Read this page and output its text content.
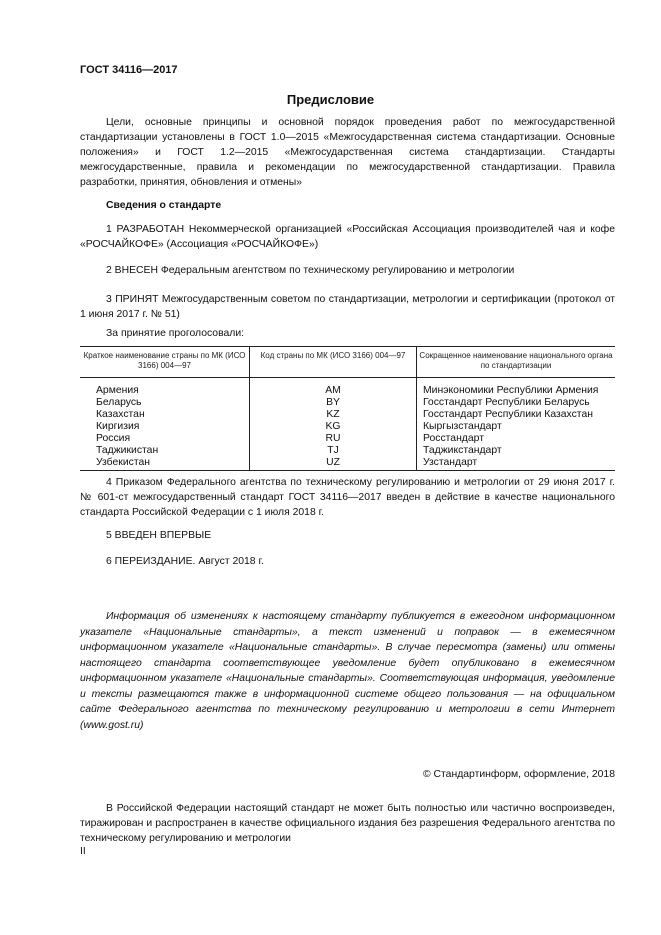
ГОСТ 34116—2017
Предисловие
Цели, основные принципы и основной порядок проведения работ по межгосударственной стандартизации установлены в ГОСТ 1.0—2015 «Межгосударственная система стандартизации. Основные положения» и ГОСТ 1.2—2015 «Межгосударственная система стандартизации. Стандарты межгосударственные, правила и рекомендации по межгосударственной стандартизации. Правила разработки, принятия, обновления и отмены»
Сведения о стандарте
1 РАЗРАБОТАН Некоммерческой организацией «Российская Ассоциация производителей чая и кофе «РОСЧАЙКОФЕ» (Ассоциация «РОСЧАЙКОФЕ»)
2 ВНЕСЕН Федеральным агентством по техническому регулированию и метрологии
3 ПРИНЯТ Межгосударственным советом по стандартизации, метрологии и сертификации (протокол от 1 июня 2017 г. № 51)
За принятие проголосовали:
Краткое наименование страны по МК (ИСО 3166) 004—97	Код страны по МК (ИСО 3166) 004—97	Сокращенное наименование национального органа по стандартизации
Армения	AM	Минэкономики Республики Армения
Беларусь	BY	Госстандарт Республики Беларусь
Казахстан	KZ	Госстандарт Республики Казахстан
Киргизия	KG	Кыргызстандарт
Россия	RU	Росстандарт
Таджикистан	TJ	Таджикстандарт
Узбекистан	UZ	Узстандарт
4 Приказом Федерального агентства по техническому регулированию и метрологии от 29 июня 2017 г. № 601-ст межгосударственный стандарт ГОСТ 34116—2017 введен в действие в качестве национального стандарта Российской Федерации с 1 июля 2018 г.
5 ВВЕДЕН ВПЕРВЫЕ
6 ПЕРЕИЗДАНИЕ. Август 2018 г.
Информация об изменениях к настоящему стандарту публикуется в ежегодном информационном указателе «Национальные стандарты», а текст изменений и поправок — в ежемесячном информационном указателе «Национальные стандарты». В случае пересмотра (замены) или отмены настоящего стандарта соответствующее уведомление будет опубликовано в ежемесячном информационном указателе «Национальные стандарты». Соответствующая информация, уведомление и тексты размещаются также в информационной системе общего пользования — на официальном сайте Федерального агентства по техническому регулированию и метрологии в сети Интернет (www.gost.ru)
© Стандартинформ, оформление, 2018
В Российской Федерации настоящий стандарт не может быть полностью или частично воспроизведен, тиражирован и распространен в качестве официального издания без разрешения Федерального агентства по техническому регулированию и метрологии
II
